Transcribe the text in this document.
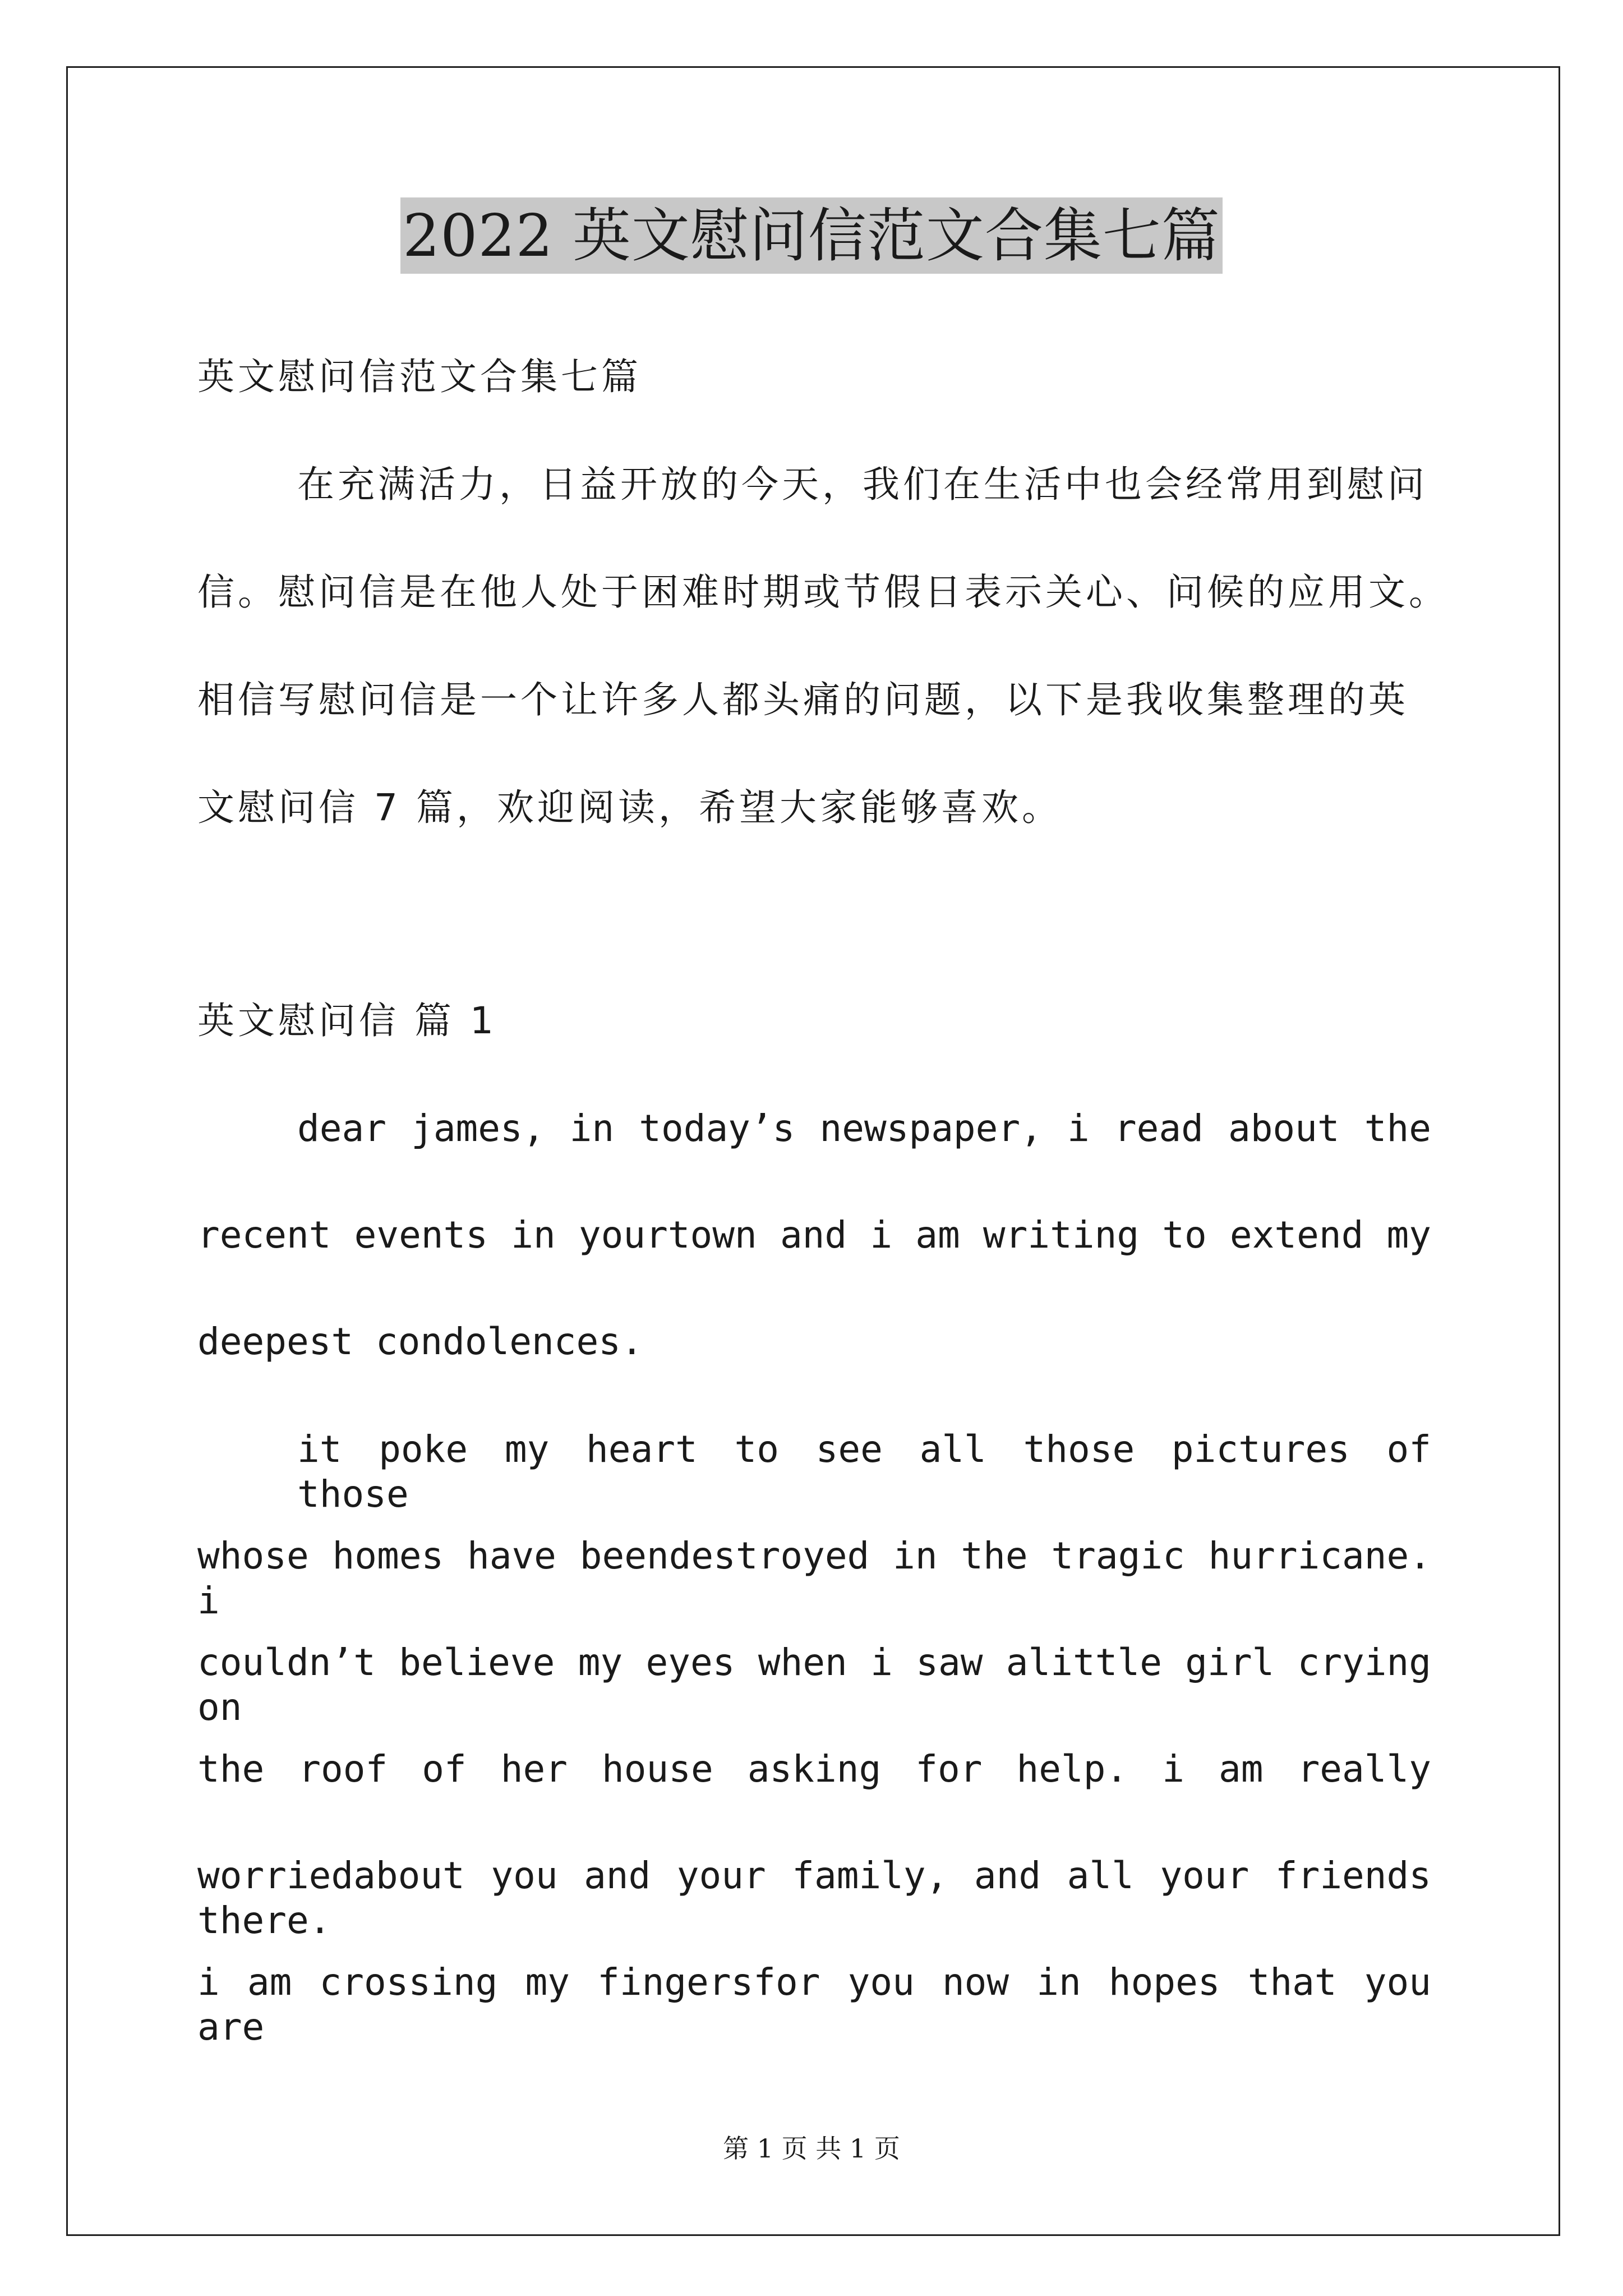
2022 英文慰问信范文合集七篇
英文慰问信范文合集七篇
在充满活力，日益开放的今天，我们在生活中也会经常用到慰问
信。慰问信是在他人处于困难时期或节假日表示关心、问候的应用文。
相信写慰问信是一个让许多人都头痛的问题，以下是我收集整理的英
文慰问信 7 篇，欢迎阅读，希望大家能够喜欢。
英文慰问信 篇 1
dear james, in today’s newspaper, i read about the
recent events in yourtown and i am writing to extend my
deepest condolences.
it poke my heart to see all those pictures of those
whose homes have beendestroyed in the tragic hurricane. i
couldn’t believe my eyes when i saw alittle girl crying on
the roof of her house asking for help. i am really
worriedabout you and your family, and all your friends there.
i am crossing my fingersfor you now in hopes that you are
第 1 页 共 1 页
